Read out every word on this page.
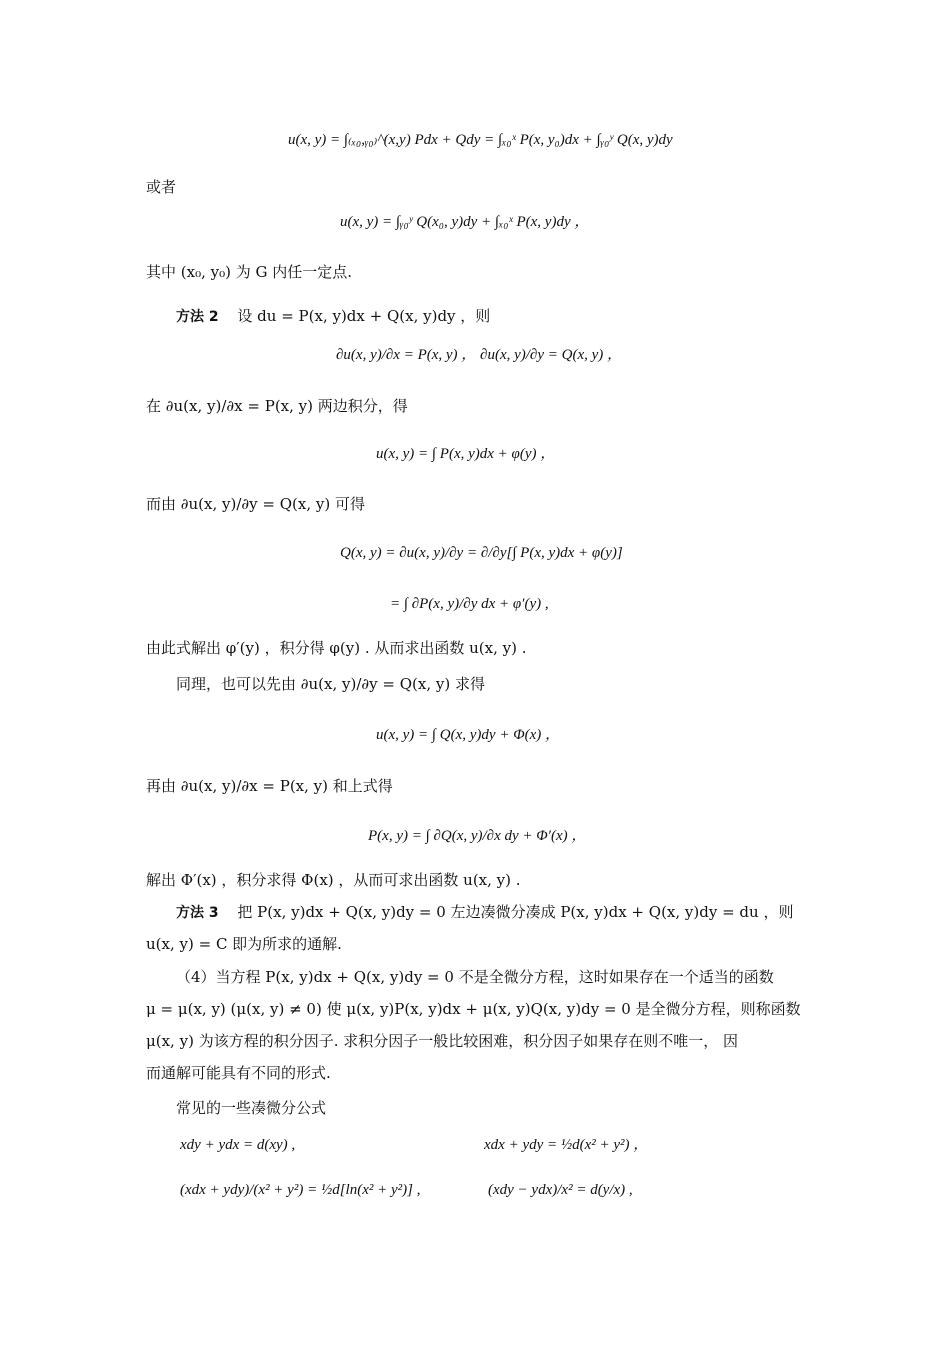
u(x, y) = ∫₍ₓ₀,ᵧ₀₎^(x,y) Pdx + Qdy = ∫ₓ₀ˣ P(x, y₀)dx + ∫ᵧ₀ʸ Q(x, y)dy
或者
u(x, y) = ∫ᵧ₀ʸ Q(x₀, y)dy + ∫ₓ₀ˣ P(x, y)dy ，
其中 (x₀, y₀) 为 G 内任一定点.
方法 2 设 du = P(x, y)dx + Q(x, y)dy ，则
∂u(x, y)/∂x = P(x, y) ， ∂u(x, y)/∂y = Q(x, y) ，
在 ∂u(x, y)/∂x = P(x, y) 两边积分，得
u(x, y) = ∫ P(x, y)dx + φ(y) ，
而由 ∂u(x, y)/∂y = Q(x, y) 可得
Q(x, y) = ∂u(x, y)/∂y = ∂/∂y[∫ P(x, y)dx + φ(y)]
= ∫ ∂P(x, y)/∂y dx + φ′(y) ,
由此式解出 φ′(y) ，积分得 φ(y) . 从而求出函数 u(x, y) .
同理，也可以先由 ∂u(x, y)/∂y = Q(x, y) 求得
u(x, y) = ∫ Q(x, y)dy + Φ(x) ，
再由 ∂u(x, y)/∂x = P(x, y) 和上式得
P(x, y) = ∫ ∂Q(x, y)/∂x dy + Φ′(x) ，
解出 Φ′(x) ，积分求得 Φ(x) ，从而可求出函数 u(x, y) .
方法 3 把 P(x, y)dx + Q(x, y)dy = 0 左边凑微分凑成 P(x, y)dx + Q(x, y)dy = du ，则
u(x, y) = C 即为所求的通解.
（4）当方程 P(x, y)dx + Q(x, y)dy = 0 不是全微分方程，这时如果存在一个适当的函数
μ = μ(x, y) (μ(x, y) ≠ 0) 使 μ(x, y)P(x, y)dx + μ(x, y)Q(x, y)dy = 0 是全微分方程，则称函数
μ(x, y) 为该方程的积分因子. 求积分因子一般比较困难，积分因子如果存在则不唯一， 因
而通解可能具有不同的形式.
常见的一些凑微分公式
xdy + ydx = d(xy) ,	xdx + ydy = ½d(x² + y²) ，
(xdx + ydy)/(x² + y²) = ½d[ln(x² + y²)] ,	(xdy − ydx)/x² = d(y/x) ,
